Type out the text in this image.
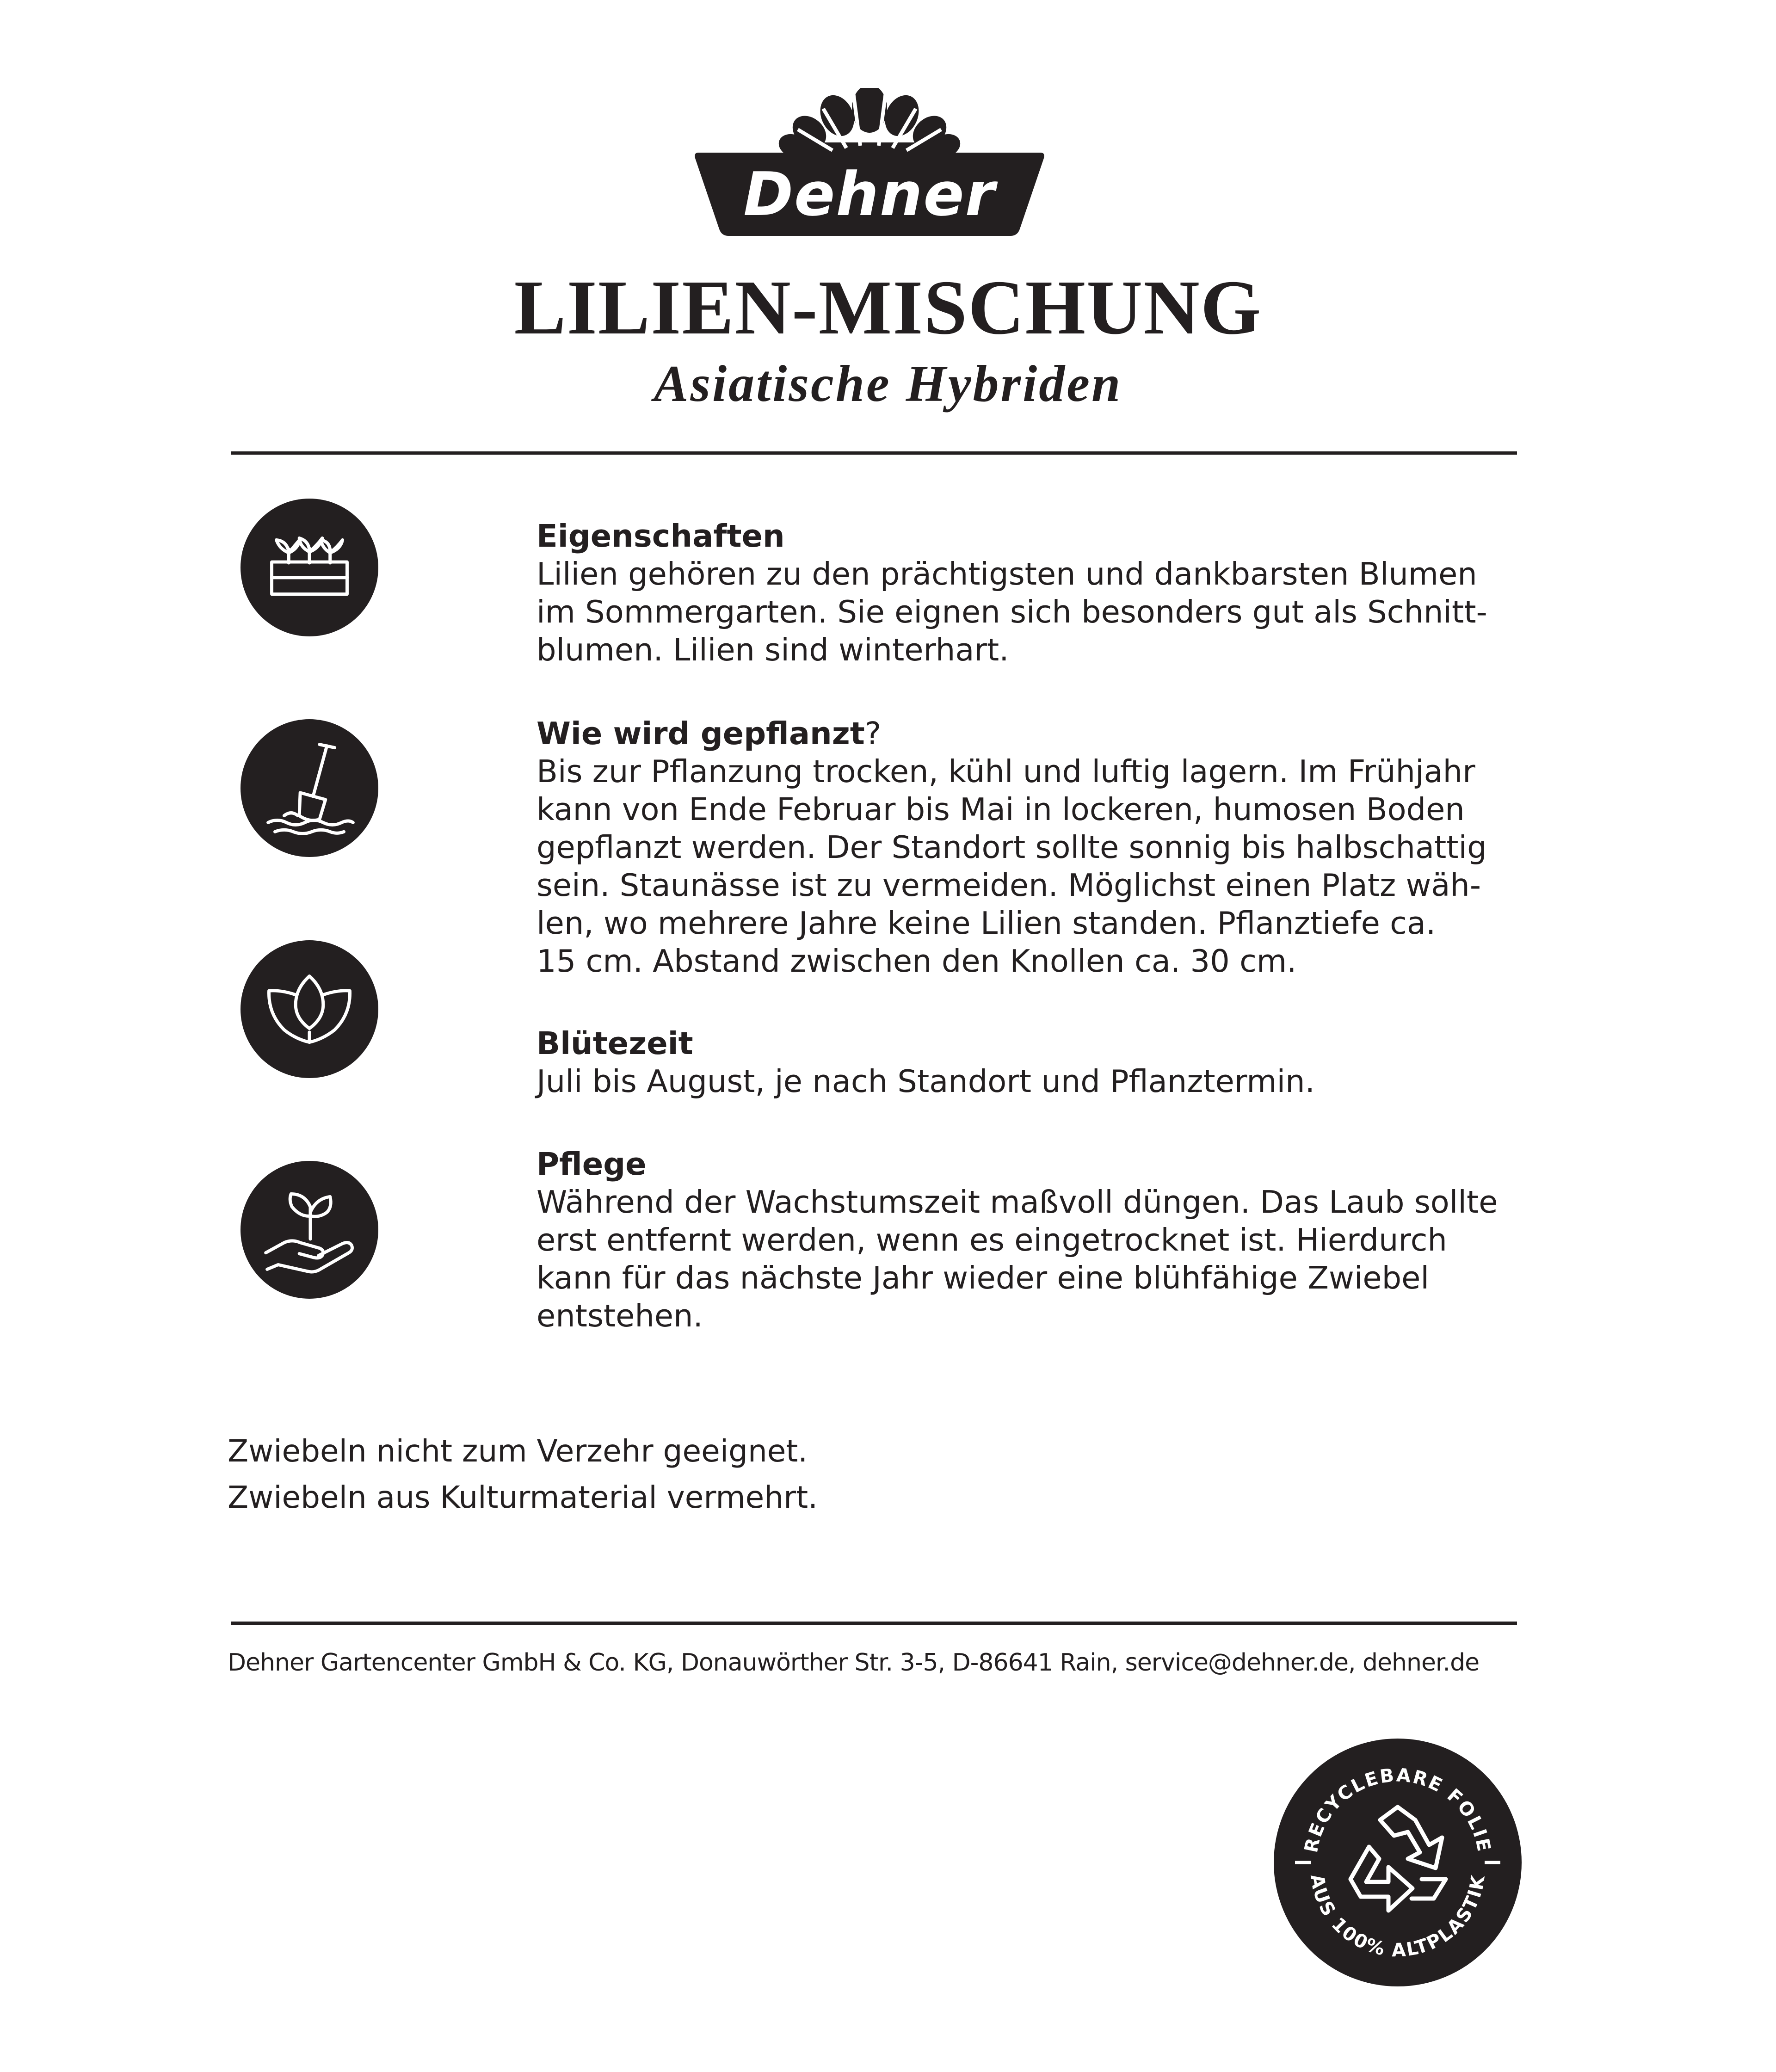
Dehner
LILIEN-MISCHUNG
Asiatische Hybriden
Eigenschaften
Lilien gehören zu den prächtigsten und dankbarsten Blumen
im Sommergarten. Sie eignen sich besonders gut als Schnitt-
blumen. Lilien sind winterhart.
Wie wird gepflanzt?
Bis zur Pflanzung trocken, kühl und luftig lagern. Im Frühjahr
kann von Ende Februar bis Mai in lockeren, humosen Boden
gepflanzt werden. Der Standort sollte sonnig bis halbschattig
sein. Staunässe ist zu vermeiden. Möglichst einen Platz wäh-
len, wo mehrere Jahre keine Lilien standen. Pflanztiefe ca.
15 cm. Abstand zwischen den Knollen ca. 30 cm.
Blütezeit
Juli bis August, je nach Standort und Pflanztermin.
Pflege
Während der Wachstumszeit maßvoll düngen. Das Laub sollte
erst entfernt werden, wenn es eingetrocknet ist. Hierdurch
kann für das nächste Jahr wieder eine blühfähige Zwiebel
entstehen.
Zwiebeln nicht zum Verzehr geeignet.
Zwiebeln aus Kulturmaterial vermehrt.
Dehner Gartencenter GmbH & Co. KG, Donauwörther Str. 3-5, D-86641 Rain, service@dehner.de, dehner.de
RECYCLEBARE FOLIE
AUS 100% ALTPLASTIK
